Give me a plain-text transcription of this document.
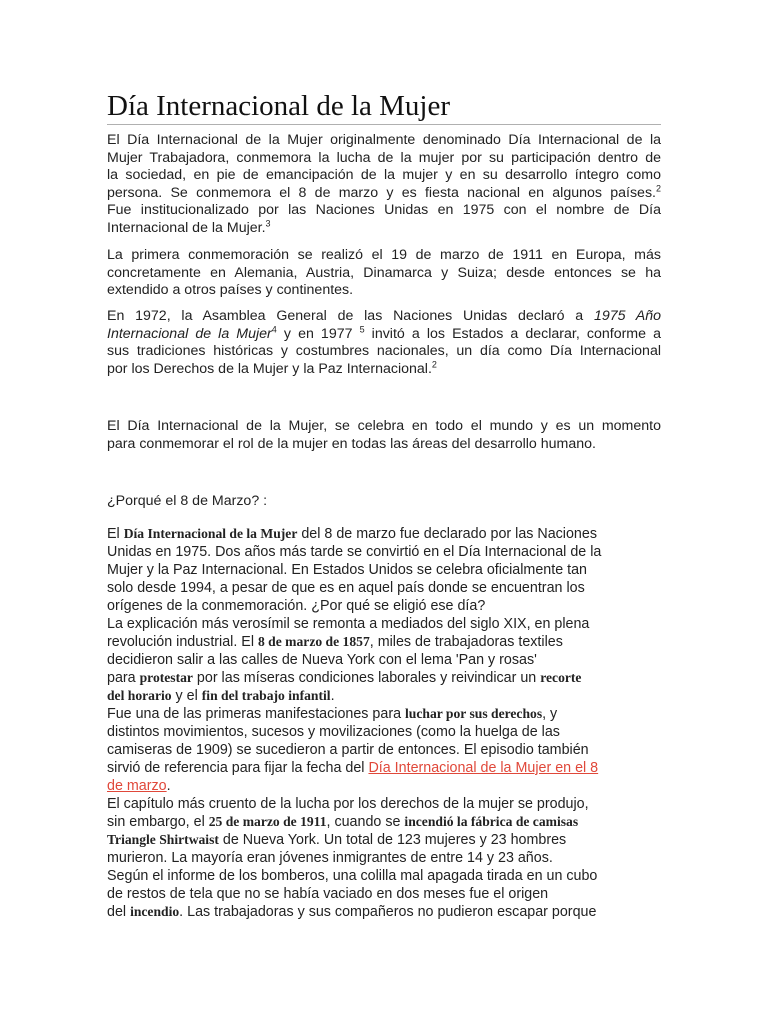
Día Internacional de la Mujer
El Día Internacional de la Mujer originalmente denominado Día Internacional de la
Mujer Trabajadora, conmemora la lucha de la mujer por su participación dentro de
la sociedad, en pie de emancipación de la mujer y en su desarrollo íntegro como
persona. Se conmemora el 8 de marzo y es fiesta nacional en algunos países.$^2$
Fue institucionalizado por las Naciones Unidas en 1975 con el nombre de Día
Internacional de la Mujer.$^3$
La primera conmemoración se realizó el 19 de marzo de 1911 en Europa, más
concretamente en Alemania, Austria, Dinamarca y Suiza; desde entonces se ha
extendido a otros países y continentes.
En 1972, la Asamblea General de las Naciones Unidas declaró a 1975 Año
Internacional de la Mujer$^4$ y en 1977 $^5$ invitó a los Estados a declarar, conforme a
sus tradiciones históricas y costumbres nacionales, un día como Día Internacional
por los Derechos de la Mujer y la Paz Internacional.$^2$
El Día Internacional de la Mujer, se celebra en todo el mundo y es un momento
para conmemorar el rol de la mujer en todas las áreas del desarrollo humano.
¿Porqué el 8 de Marzo? :
El Día Internacional de la Mujer del 8 de marzo fue declarado por las Naciones
Unidas en 1975. Dos años más tarde se convirtió en el Día Internacional de la
Mujer y la Paz Internacional. En Estados Unidos se celebra oficialmente tan
solo desde 1994, a pesar de que es en aquel país donde se encuentran los
orígenes de la conmemoración. ¿Por qué se eligió ese día?
La explicación más verosímil se remonta a mediados del siglo XIX, en plena
revolución industrial. El 8 de marzo de 1857, miles de trabajadoras textiles
decidieron salir a las calles de Nueva York con el lema 'Pan y rosas'
para protestar por las míseras condiciones laborales y reivindicar un recorte
del horario y el fin del trabajo infantil.
Fue una de las primeras manifestaciones para luchar por sus derechos, y
distintos movimientos, sucesos y movilizaciones (como la huelga de las
camiseras de 1909) se sucedieron a partir de entonces. El episodio también
sirvió de referencia para fijar la fecha del Día Internacional de la Mujer en el 8
de marzo.
El capítulo más cruento de la lucha por los derechos de la mujer se produjo,
sin embargo, el 25 de marzo de 1911, cuando se incendió la fábrica de camisas
Triangle Shirtwaist de Nueva York. Un total de 123 mujeres y 23 hombres
murieron. La mayoría eran jóvenes inmigrantes de entre 14 y 23 años.
Según el informe de los bomberos, una colilla mal apagada tirada en un cubo
de restos de tela que no se había vaciado en dos meses fue el origen
del incendio. Las trabajadoras y sus compañeros no pudieron escapar porque
